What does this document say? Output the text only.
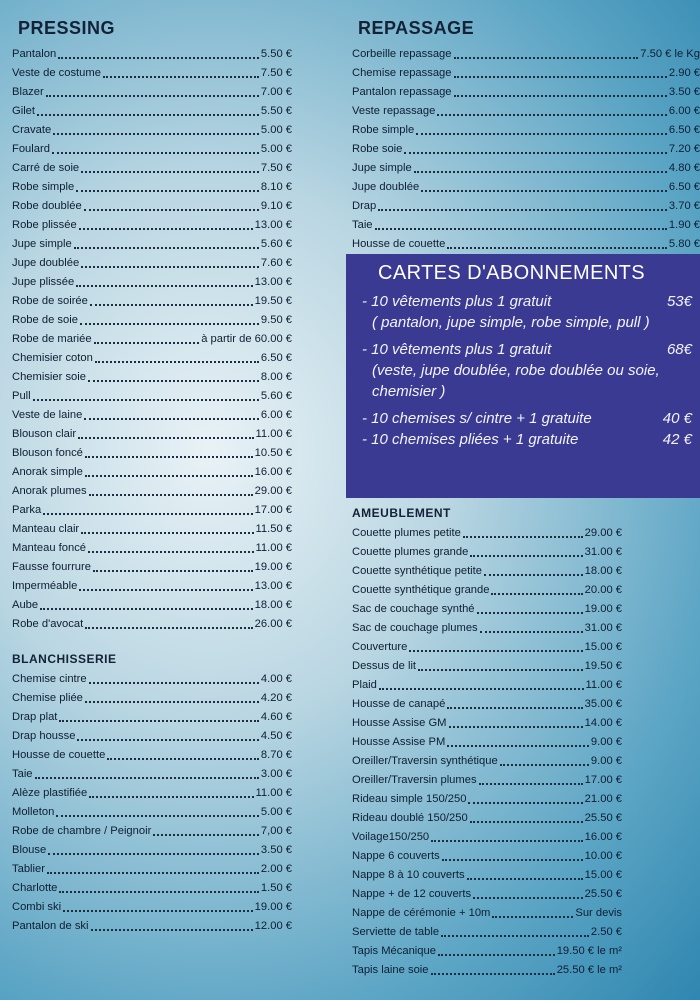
PRESSING
Pantalon	5.50 €
Veste de costume	7.50 €
Blazer	7.00 €
Gilet	5.50 €
Cravate	5.00 €
Foulard	5.00 €
Carré de soie	7.50 €
Robe simple	8.10 €
Robe doublée	9.10 €
Robe plissée	13.00 €
Jupe simple	5.60 €
Jupe doublée	7.60 €
Jupe plissée	13.00 €
Robe de soirée	19.50 €
Robe de soie	9.50 €
Robe de mariée	à partir de 60.00 €
Chemisier coton	6.50 €
Chemisier soie	8.00 €
Pull	5.60 €
Veste de laine	6.00 €
Blouson clair	11.00 €
Blouson foncé	10.50 €
Anorak simple	16.00 €
Anorak plumes	29.00 €
Parka	17.00 €
Manteau clair	11.50 €
Manteau foncé	11.00 €
Fausse fourrure	19.00 €
Imperméable	13.00 €
Aube	18.00 €
Robe d'avocat	26.00 €
BLANCHISSERIE
Chemise cintre	4.00 €
Chemise pliée	4.20 €
Drap plat	4.60 €
Drap housse	4.50 €
Housse de couette	8.70 €
Taie	3.00 €
Alèze plastifiée	11.00 €
Molleton	5.00 €
Robe de chambre / Peignoir	7,00 €
Blouse	3.50 €
Tablier	2.00 €
Charlotte	1.50 €
Combi ski	19.00 €
Pantalon de ski	12.00 €
REPASSAGE
Corbeille repassage	7.50 € le Kg
Chemise repassage	2.90 €
Pantalon repassage	3.50 €
Veste repassage	6.00 €
Robe simple	6.50 €
Robe soie	7.20 €
Jupe simple	4.80 €
Jupe doublée	6.50 €
Drap	3.70 €
Taie	1.90 €
Housse de couette	5.80 €
CARTES D'ABONNEMENTS
- 10 vêtements plus 1 gratuit	53€
( pantalon, jupe simple, robe simple, pull )
- 10 vêtements plus 1 gratuit	68€
(veste, jupe doublée, robe doublée ou soie, chemisier )
- 10 chemises s/ cintre + 1 gratuite	40 €
- 10 chemises pliées + 1 gratuite	42 €
AMEUBLEMENT
Couette plumes petite	29.00 €
Couette plumes grande	31.00 €
Couette synthétique petite	18.00 €
Couette synthétique grande	20.00 €
Sac de couchage synthé	19.00 €
Sac de couchage plumes	31.00 €
Couverture	15.00 €
Dessus de lit	19.50 €
Plaid	11.00 €
Housse de canapé	35.00 €
Housse Assise GM	14.00 €
Housse Assise PM	9.00 €
Oreiller/Traversin synthétique	9.00 €
Oreiller/Traversin plumes	17.00 €
Rideau simple 150/250	21.00 €
Rideau doublé 150/250	25.50 €
Voilage150/250	16.00 €
Nappe 6 couverts	10.00 €
Nappe 8 à 10 couverts	15.00 €
Nappe + de 12 couverts	25.50 €
Nappe de cérémonie + 10m	Sur devis
Serviette de table	2.50 €
Tapis Mécanique	19.50 € le m²
Tapis laine soie	25.50 € le m²
